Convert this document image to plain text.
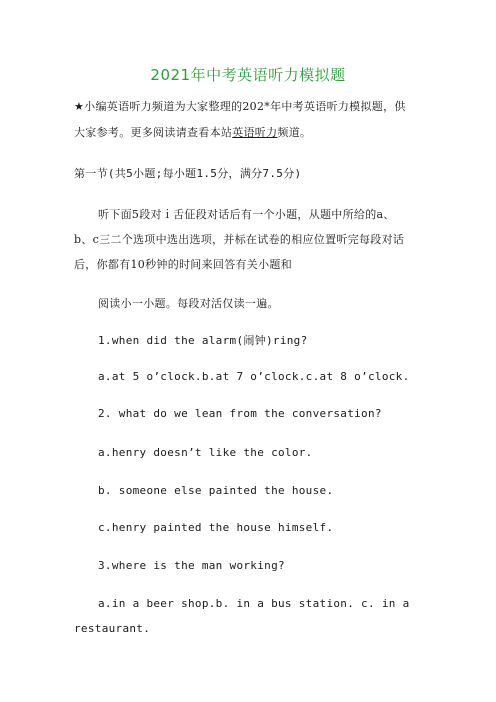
2021年中考英语听力模拟题
★小编英语听力频道为大家整理的202*年中考英语听力模拟题，供
大家参考。更多阅读请查看本站英语听力频道。
第一节(共5小题;每小题1.5分，满分7.5分)
听下面5段对ｉ舌佂段对话后有一个小题，从题中所给的a、
b、c三二个选项中选出选项，并标在试卷的相应位置听完每段对话
后，你都有10秒钟的时间来回答有关小题和
阅读小一小题。每段对活仅读一遍。
1.when did the alarm(闹钟)ring?
a.at 5 o’clock.b.at 7 o’clock.c.at 8 o’clock.
2. what do we lean from the conversation?
a.henry doesn’t like the color.
b. someone else painted the house.
c.henry painted the house himself.
3.where is the man working?
a.in a beer shop.b. in a bus station. c. in a
restaurant.
